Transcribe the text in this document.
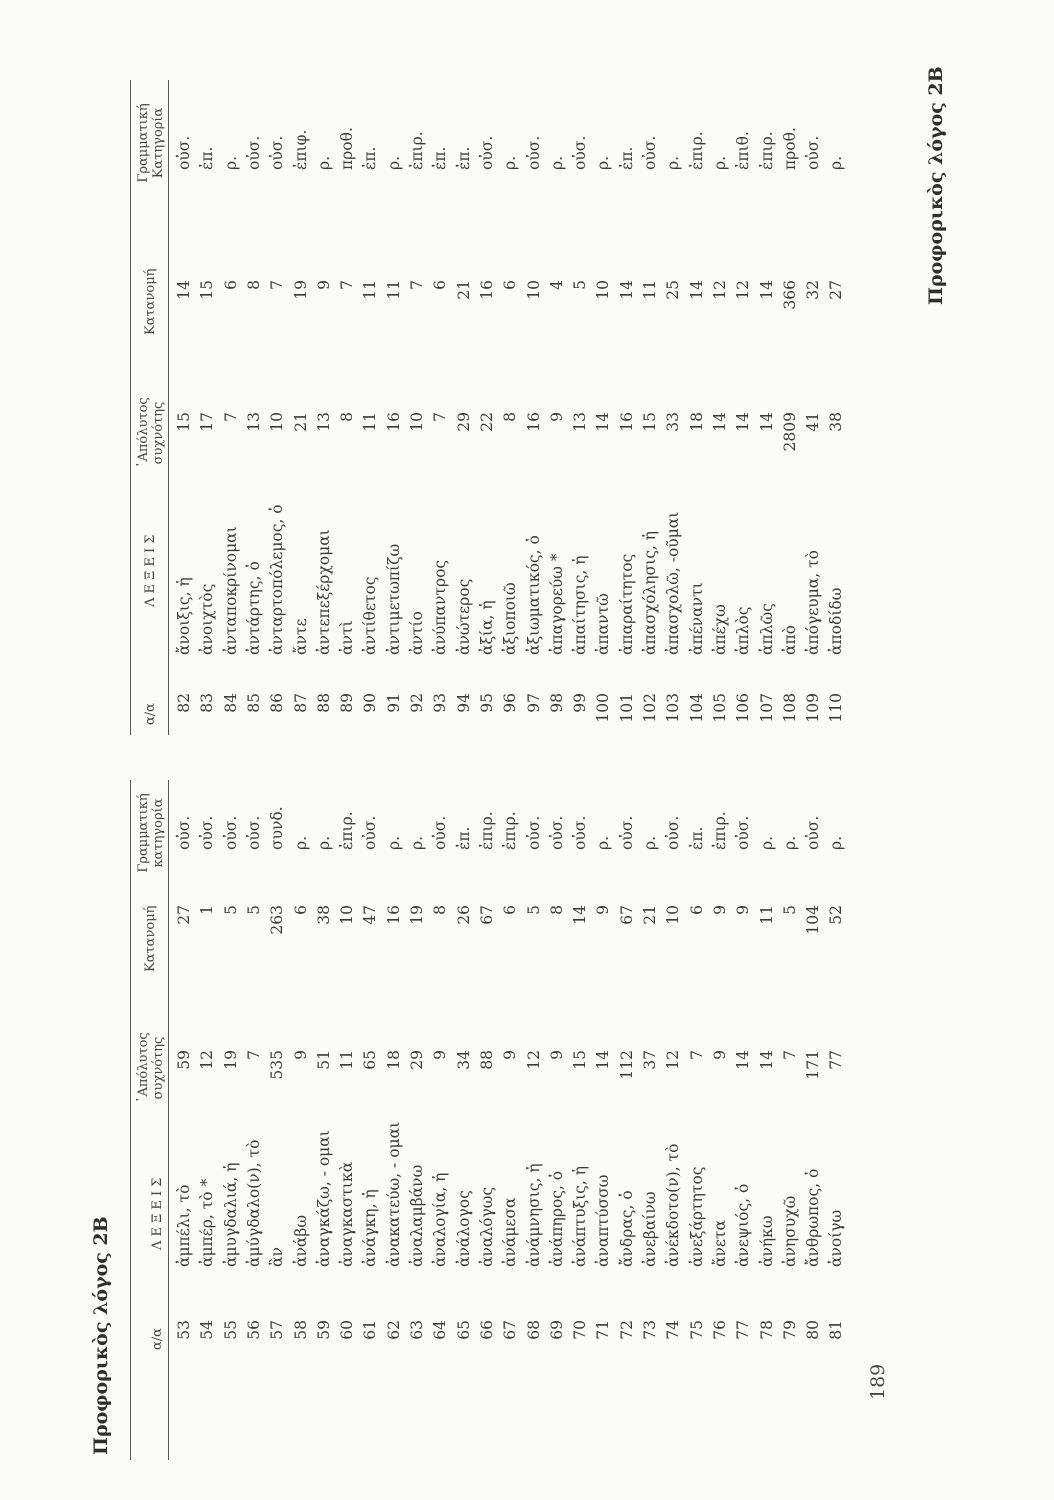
Προφορικὸς λόγος 2Β	α/α
Λ Ε Ξ Ε Ι Σ
᾽Απόλυτος συχνότης
Κατανομή
Γραμματική κατηγορία
53
ἀμπέλι, τὸ
59
27
οὐσ.
54
ἀμπέρ, τὸ *
12
1
οὐσ.
55
ἀμυγδαλιά, ἡ
19
5
οὐσ.
56
ἀμύγδαλο(ν), τὸ
7
5
οὐσ.
57
ἂν
535
263
συνδ.
58
ἀνάβω
9
6
ρ.
59
ἀναγκάζω, - ομαι
51
38
ρ.
60
ἀναγκαστικὰ
11
10
ἐπιρ.
61
ἀνάγκη, ἡ
65
47
οὐσ.
62
ἀνακατεύω, - ομαι
18
16
ρ.
63
ἀναλαμβάνω
29
19
ρ.
64
ἀναλογία, ἡ
9
8
οὐσ.
65
ἀνάλογος
34
26
ἐπ.
66
ἀναλόγως
88
67
ἐπιρ.
67
ἀνάμεσα
9
6
ἐπιρ.
68
ἀνάμνησις, ἡ
12
5
οὐσ.
69
ἀνάπηρος, ὁ
9
8
οὐσ.
70
ἀνάπτυξις, ἡ
15
14
οὐσ.
71
ἀναπτύσσω
14
9
ρ.
72
ἄνδρας, ὁ
112
67
οὐσ.
73
ἀνεβαίνω
37
21
ρ.
74
ἀνέκδοτο(ν), τὸ
12
10
οὐσ.
75
ἀνεξάρτητος
7
6
ἐπ.
76
ἄνετα
9
9
ἐπιρ.
77
ἀνεψιός, ὁ
14
9
οὐσ.
78
ἀνήκω
14
11
ρ.
79
ἀνησυχῶ
7
5
ρ.
80
ἄνθρωπος, ὁ
171
104
οὐσ.
81
ἀνοίγω
77
52
ρ.
189
Προφορικὸς λόγος 2Β
α/α
Λ Ε Ξ Ε Ι Σ
᾽Απόλυτος συχνότης
Κατανομή
Γραμματική Κατηγορία
82
ἄνοιξις, ἡ
15
14
οὐσ.
83
ἀνοιχτὸς
17
15
ἐπ.
84
ἀνταποκρίνομαι
7
6
ρ.
85
ἀντάρτης, ὁ
13
8
οὐσ.
86
ἀνταρτοπόλεμος, ὁ
10
7
οὐσ.
87
ἄντε
21
19
ἐπιφ.
88
ἀντεπεξέρχομαι
13
9
ρ.
89
ἀντὶ
8
7
προθ.
90
ἀντίθετος
11
11
ἐπ.
91
ἀντιμετωπίζω
16
11
ρ.
92
ἀντίο
10
7
ἐπιρ.
93
ἀνύπαντρος
7
6
ἐπ.
94
ἀνώτερος
29
21
ἐπ.
95
ἀξία, ἡ
22
16
οὐσ.
96
ἀξιοποιῶ
8
6
ρ.
97
ἀξιωματικός, ὁ
16
10
οὐσ.
98
ἀπαγορεύω *
9
4
ρ.
99
ἀπαίτησις, ἡ
13
5
οὐσ.
100
ἀπαντῶ
14
10
ρ.
101
ἀπαραίτητος
16
14
ἐπ.
102
ἀπασχόλησις, ἡ
15
11
οὐσ.
103
ἀπασχολῶ, -οῦμαι
33
25
ρ.
104
ἀπέναντι
18
14
ἐπιρ.
105
ἀπέχω
14
12
ρ.
106
ἁπλὸς
14
12
ἐπιθ.
107
ἁπλῶς
14
14
ἐπιρ.
108
ἀπὸ
2809
366
προθ.
109
ἀπόγευμα, τὸ
41
32
οὐσ.
110
ἀποδίδω
38
27
ρ.
